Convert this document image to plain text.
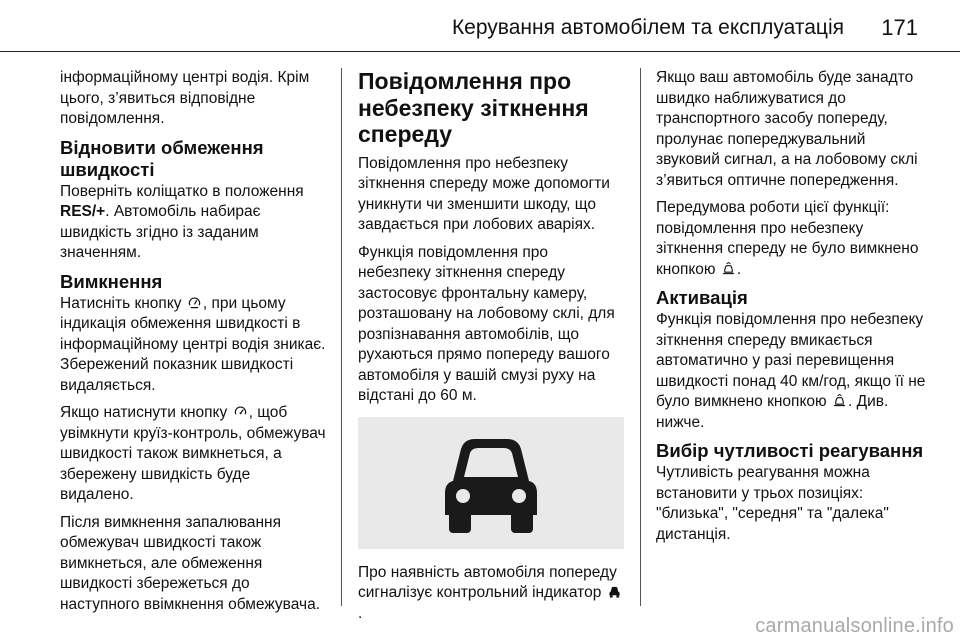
Керування автомобілем та експлуатація 171

інформаційному центрі водія. Крім цього, з’явиться відповідне повідомлення.

Відновити обмеження швидкості

Поверніть коліщатко в положення RES/+. Автомобіль набирає швидкість згідно із заданим значенням.

Вимкнення

Натисніть кнопку , при цьому індикація обмеження швидкості в інформаційному центрі водія зникає. Збережений показник швидкості видаляється.

Якщо натиснути кнопку , щоб увімкнути круїз-контроль, обмежувач швидкості також вимкнеться, а збережену швидкість буде видалено.

Після вимкнення запалювання обмежувач швидкості також вимкнеться, але обмеження швидкості збережеться до наступного ввімкнення обмежувача.

Повідомлення про небезпеку зіткнення спереду

Повідомлення про небезпеку зіткнення спереду може допомогти уникнути чи зменшити шкоду, що завдається при лобових аваріях.

Функція повідомлення про небезпеку зіткнення спереду застосовує фронтальну камеру, розташовану на лобовому склі, для розпізнавання автомобілів, що рухаються прямо попереду вашого автомобіля у вашій смузі руху на відстані до 60 м.

Про наявність автомобіля попереду сигналізує контрольний індикатор .

Якщо ваш автомобіль буде занадто швидко наближуватися до транспортного засобу попереду, пролунає попереджувальний звуковий сигнал, а на лобовому склі з’явиться оптичне попередження.

Передумова роботи цієї функції: повідомлення про небезпеку зіткнення спереду не було вимкнено кнопкою .

Активація

Функція повідомлення про небезпеку зіткнення спереду вмикається автоматично у разі перевищення швидкості понад 40 км/год, якщо її не було вимкнено кнопкою . Див. нижче.

Вибір чутливості реагування

Чутливість реагування можна встановити у трьох позиціях: "близька", "середня" та "далека" дистанція.

carmanualsonline.info
